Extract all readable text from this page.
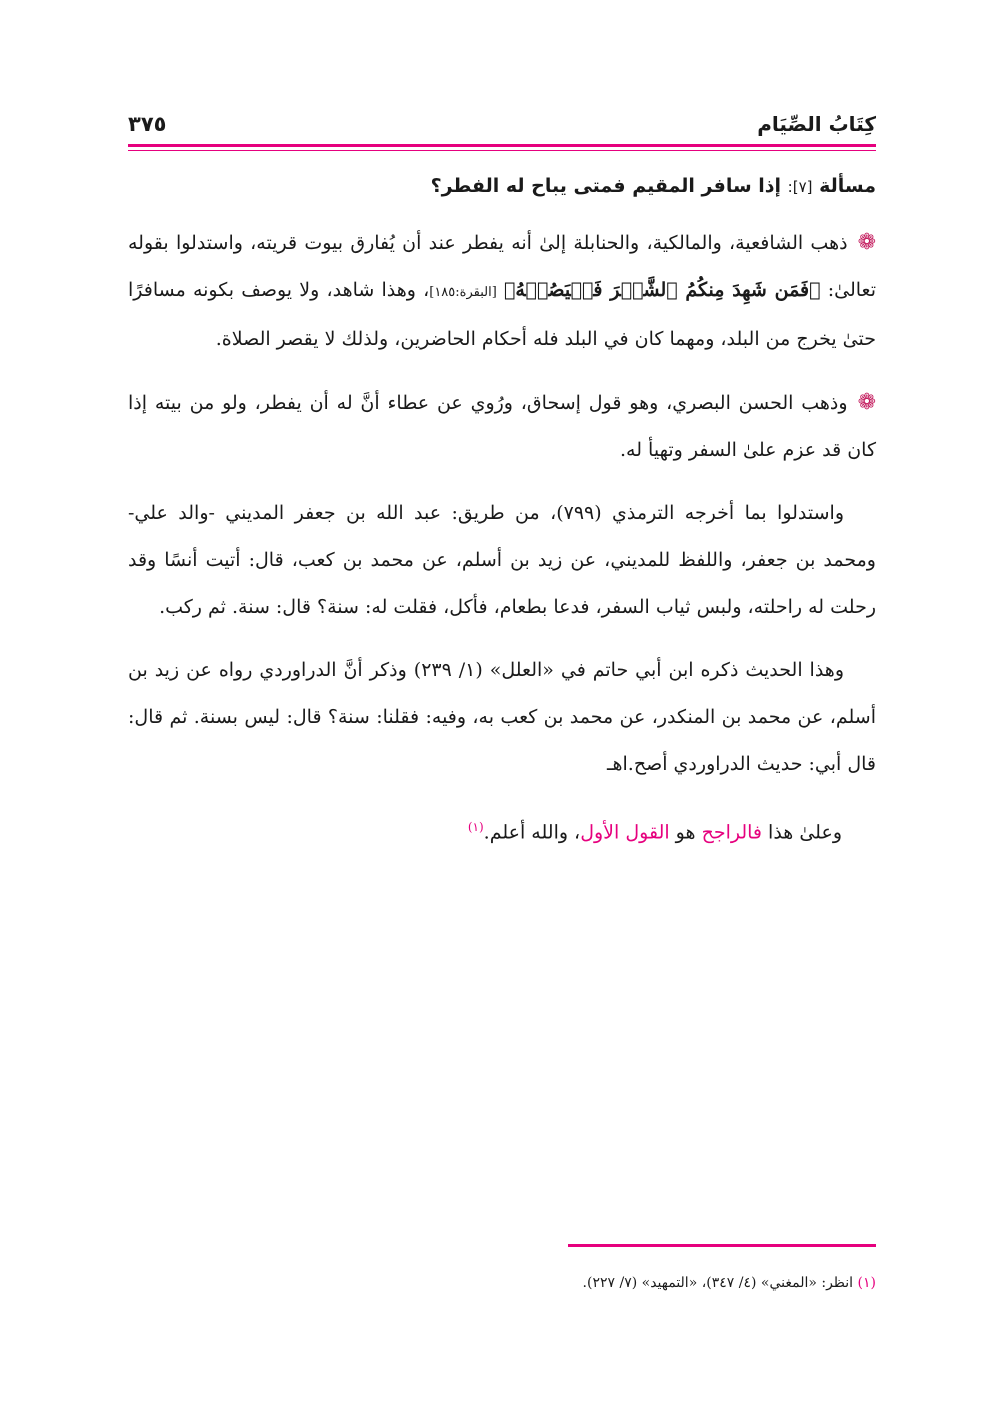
كِتَابُ الصِّيَام
٣٧٥
مسألة [٧]: إذا سافر المقيم فمتى يباح له الفطر؟

❁ذهب الشافعية، والمالكية، والحنابلة إلىٰ أنه يفطر عند أن يُفارق بيوت قريته، واستدلوا بقوله تعالىٰ: ﴿فَمَن شَهِدَ مِنكُمُ ٱلشَّهۡرَ فَلۡيَصُمۡهُ﴾ [البقرة:١٨٥]، وهذا شاهد، ولا يوصف بكونه مسافرًا حتىٰ يخرج من البلد، ومهما كان في البلد فله أحكام الحاضرين، ولذلك لا يقصر الصلاة.

❁وذهب الحسن البصري، وهو قول إسحاق، ورُوي عن عطاء أنَّ له أن يفطر، ولو من بيته إذا كان قد عزم علىٰ السفر وتهيأ له.

واستدلوا بما أخرجه الترمذي (٧٩٩)، من طريق: عبد الله بن جعفر المديني -والد علي- ومحمد بن جعفر، واللفظ للمديني، عن زيد بن أسلم، عن محمد بن كعب، قال: أتيت أنسًا وقد رحلت له راحلته، ولبس ثياب السفر، فدعا بطعام، فأكل، فقلت له: سنة؟ قال: سنة. ثم ركب.

وهذا الحديث ذكره ابن أبي حاتم في «العلل» (١/ ٢٣٩) وذكر أنَّ الدراوردي رواه عن زيد بن أسلم، عن محمد بن المنكدر، عن محمد بن كعب به، وفيه: فقلنا: سنة؟ قال: ليس بسنة. ثم قال: قال أبي: حديث الدراوردي أصح.اهـ

وعلىٰ هذا فالراجح هو القول الأول، والله أعلم.$^{(١)}$

(١) انظر: «المغني» (٤/ ٣٤٧)، «التمهيد» (٧/ ٢٢٧).
